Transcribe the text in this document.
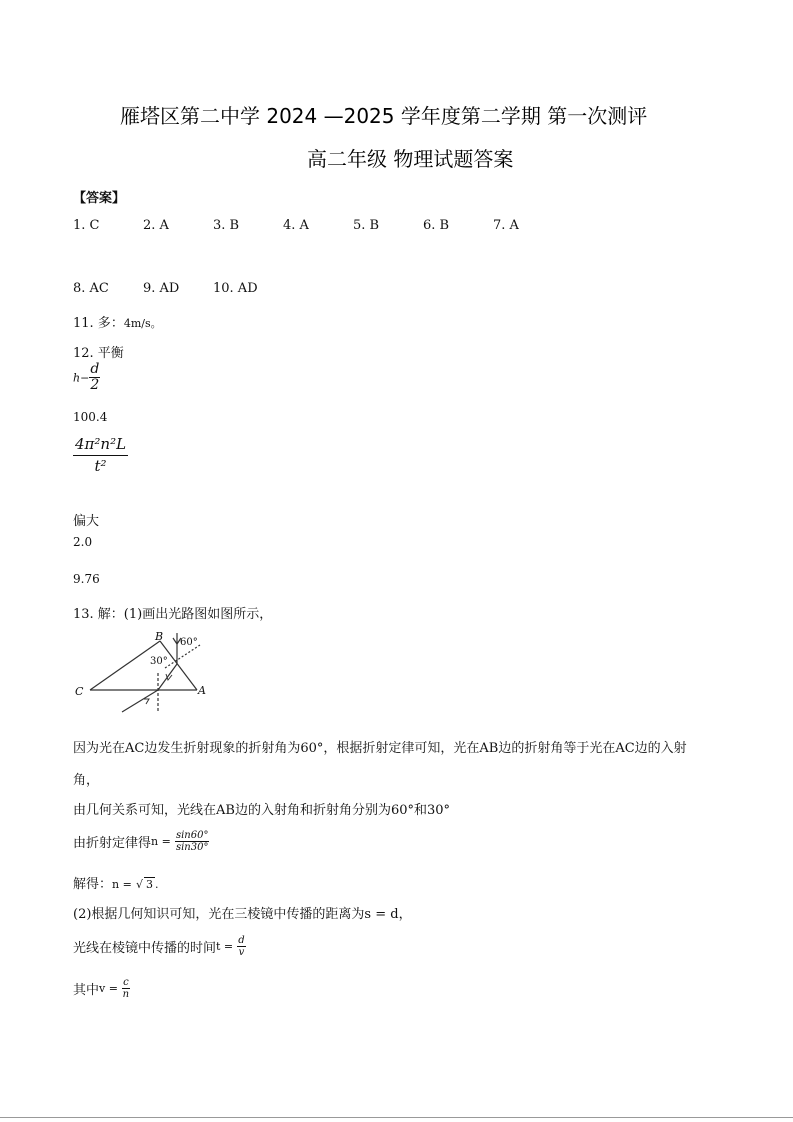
雁塔区第二中学 2024 —2025 学年度第二学期 第一次测评
高二年级 物理试题答案
【答案】
1. C	2. A	3. B	4. A	5. B	6. B	7. A
8. AC	9. AD	10. AD
11. 多：4m/s。
12. 平衡
$h- \frac{d}{2}$
100.4
$\frac{\text{4π²n²L}}{\text{t²}}$
偏大
2.0
9.76
13. 解：(1)画出光路图如图所示，
B 60°
30°
C	A
因为光在AC边发生折射现象的折射角为60°，根据折射定律可知，光在AB边的折射角等于光在AC边的入射
角，
由几何关系可知，光线在AB边的入射角和折射角分别为60°和30°
由折射定律得$n = \frac{\sin 60^\circ}{\sin 30^\circ}$
解得：n = √ 3 .
(2)根据几何知识可知，光在三棱镜中传播的距离为s = d，
光线在棱镜中传播的时间$t = \frac{d}{v}$
其中$v = \frac{c}{n}$
